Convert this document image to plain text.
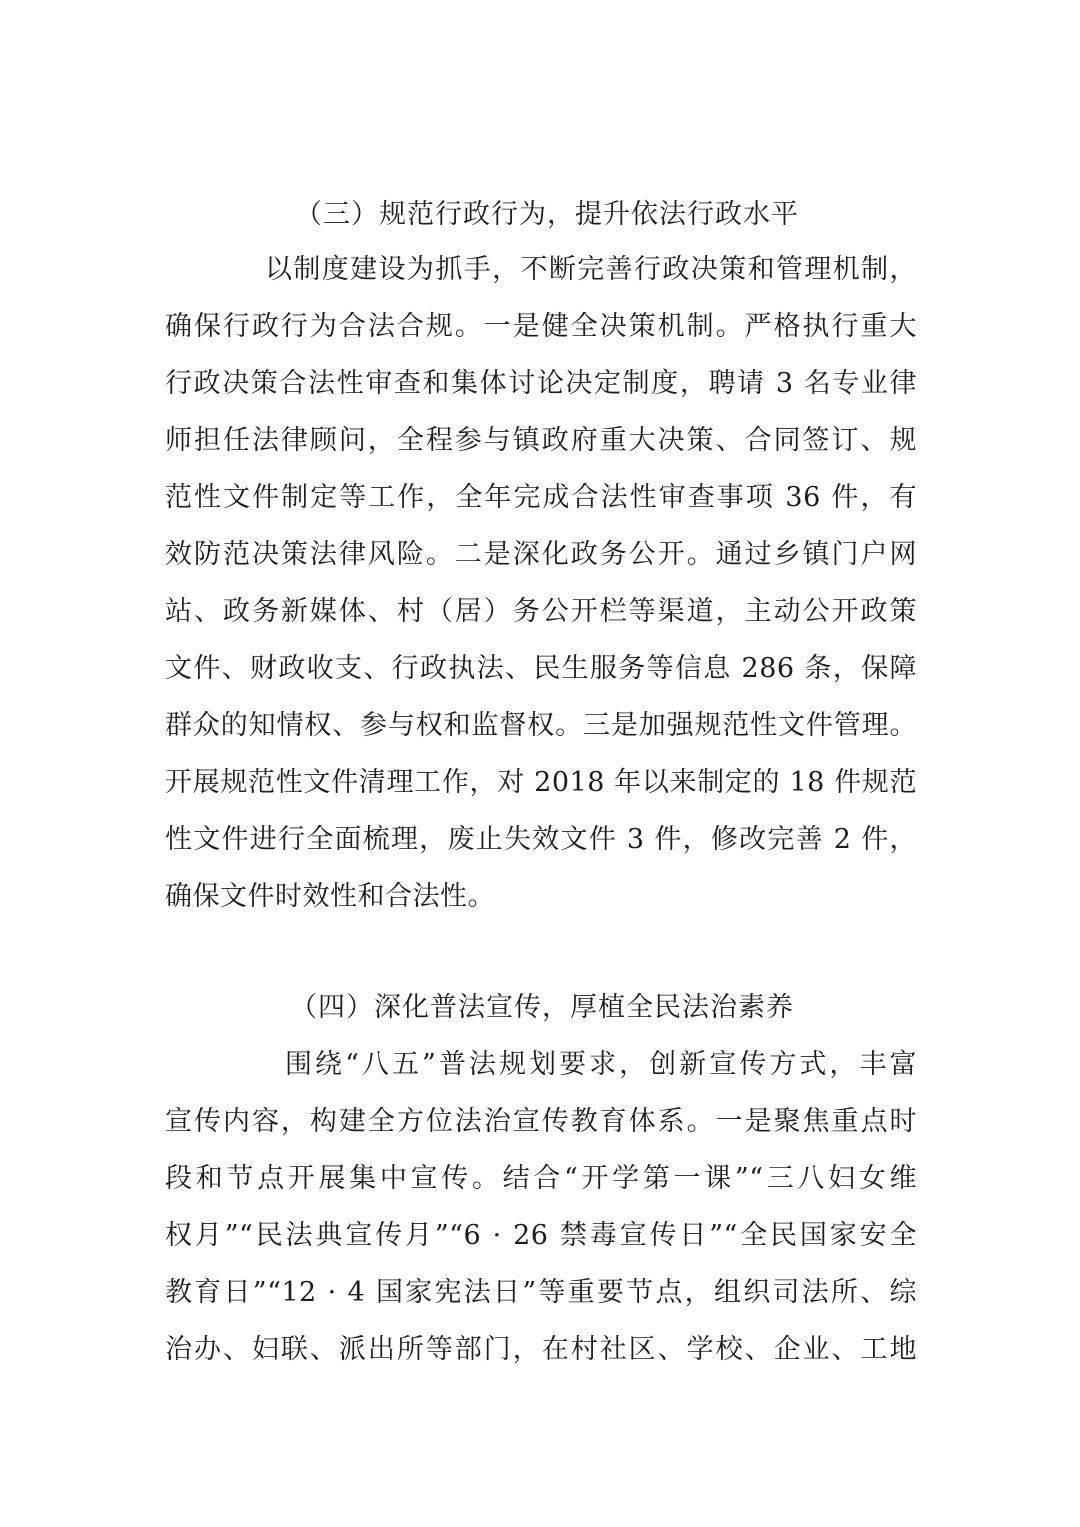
（三）规范行政行为，提升依法行政水平
以制度建设为抓手，不断完善行政决策和管理机制，
确保行政行为合法合规。一是健全决策机制。严格执行重大
行政决策合法性审查和集体讨论决定制度，聘请 3 名专业律
师担任法律顾问，全程参与镇政府重大决策、合同签订、规
范性文件制定等工作，全年完成合法性审查事项 36 件，有
效防范决策法律风险。二是深化政务公开。通过乡镇门户网
站、政务新媒体、村（居）务公开栏等渠道，主动公开政策
文件、财政收支、行政执法、民生服务等信息 286 条，保障
群众的知情权、参与权和监督权。三是加强规范性文件管理。
开展规范性文件清理工作，对 2018 年以来制定的 18 件规范
性文件进行全面梳理，废止失效文件 3 件，修改完善 2 件，
确保文件时效性和合法性。
（四）深化普法宣传，厚植全民法治素养
围绕“八五”普法规划要求，创新宣传方式，丰富
宣传内容，构建全方位法治宣传教育体系。一是聚焦重点时
段和节点开展集中宣传。结合“开学第一课”“三八妇女维
权月”“民法典宣传月”“6 · 26 禁毒宣传日”“全民国家安全
教育日”“12 · 4 国家宪法日”等重要节点，组织司法所、综
治办、妇联、派出所等部门，在村社区、学校、企业、工地
